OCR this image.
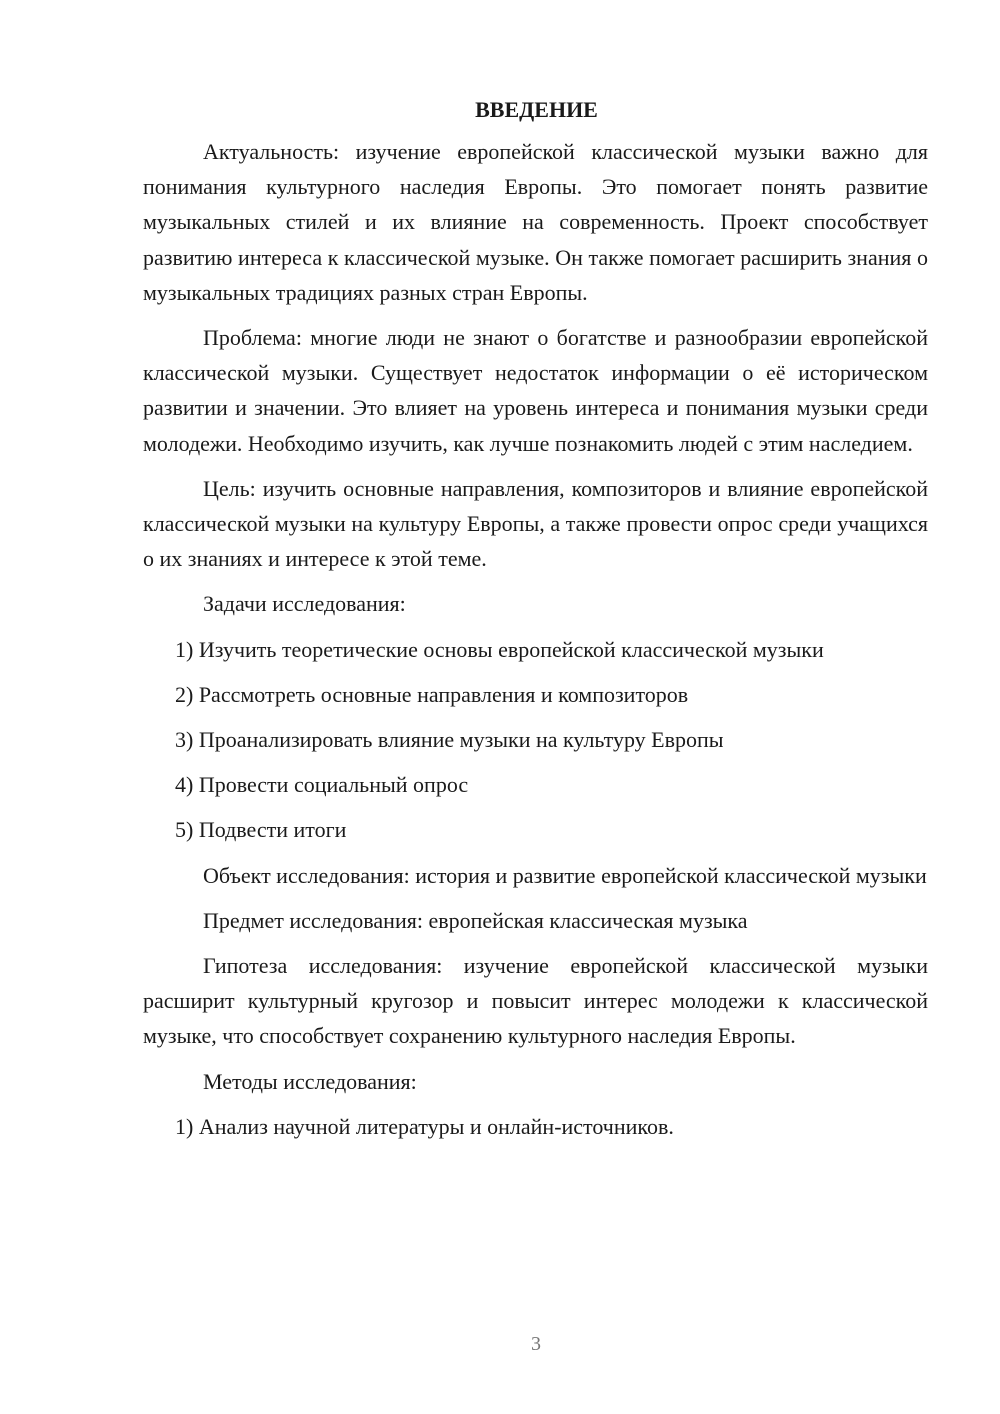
ВВЕДЕНИЕ

Актуальность: изучение европейской классической музыки важно для понимания культурного наследия Европы. Это помогает понять развитие музыкальных стилей и их влияние на современность. Проект способствует развитию интереса к классической музыке. Он также помогает расширить знания о музыкальных традициях разных стран Европы.

Проблема: многие люди не знают о богатстве и разнообразии европейской классической музыки. Существует недостаток информации о её историческом развитии и значении. Это влияет на уровень интереса и понимания музыки среди молодежи. Необходимо изучить, как лучше познакомить людей с этим наследием.

Цель: изучить основные направления, композиторов и влияние европейской классической музыки на культуру Европы, а также провести опрос среди учащихся о их знаниях и интересе к этой теме.

Задачи исследования:

1) Изучить теоретические основы европейской классической музыки

2) Рассмотреть основные направления и композиторов

3) Проанализировать влияние музыки на культуру Европы

4) Провести социальный опрос

5) Подвести итоги

Объект исследования: история и развитие европейской классической музыки

Предмет исследования: европейская классическая музыка

Гипотеза исследования: изучение европейской классической музыки расширит культурный кругозор и повысит интерес молодежи к классической музыке, что способствует сохранению культурного наследия Европы.

Методы исследования:

1) Анализ научной литературы и онлайн-источников.

3
